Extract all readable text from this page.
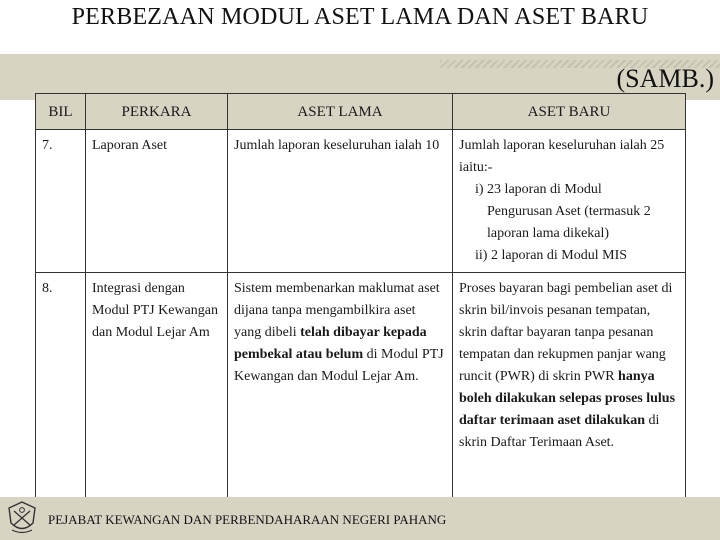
PERBEZAAN MODUL ASET LAMA DAN ASET BARU
(SAMB.)
BIL	PERKARA	ASET LAMA	ASET BARU
7.	Laporan Aset	Jumlah laporan keseluruhan ialah 10	Jumlah laporan keseluruhan ialah 25 iaitu:-
i) 23 laporan di Modul
Pengurusan Aset (termasuk 2 laporan lama dikekal)
ii) 2 laporan di Modul MIS

8.	Integrasi dengan Modul PTJ Kewangan dan Modul Lejar Am	Sistem membenarkan maklumat aset dijana tanpa mengambilkira aset yang dibeli telah dibayar kepada pembekal atau belum di Modul PTJ Kewangan dan Modul Lejar Am.	Proses bayaran bagi pembelian aset di skrin bil/invois pesanan tempatan, skrin daftar bayaran tanpa pesanan tempatan dan rekupmen panjar wang runcit (PWR) di skrin PWR hanya boleh dilakukan selepas proses lulus daftar terimaan aset dilakukan di skrin Daftar Terimaan Aset.
PEJABAT KEWANGAN DAN PERBENDAHARAAN NEGERI PAHANG
